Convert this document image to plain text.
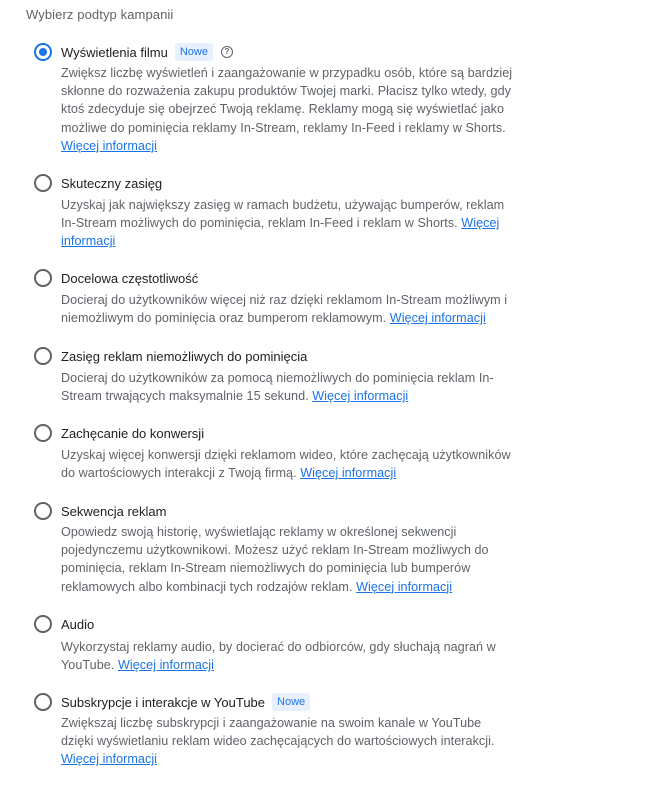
Wybierz podtyp kampanii
Wyświetlenia filmu	Nowe	?
Zwiększ liczbę wyświetleń i zaangażowanie w przypadku osób, które są bardziej skłonne do rozważenia zakupu produktów Twojej marki. Płacisz tylko wtedy, gdy ktoś zdecyduje się obejrzeć Twoją reklamę. Reklamy mogą się wyświetlać jako możliwe do pominięcia reklamy In-Stream, reklamy In-Feed i reklamy w Shorts. Więcej informacji
Skuteczny zasięg
Uzyskaj jak największy zasięg w ramach budżetu, używając bumperów, reklam In-Stream możliwych do pominięcia, reklam In-Feed i reklam w Shorts. Więcej informacji
Docelowa częstotliwość
Docieraj do użytkowników więcej niż raz dzięki reklamom In-Stream możliwym i niemożliwym do pominięcia oraz bumperom reklamowym. Więcej informacji
Zasięg reklam niemożliwych do pominięcia
Docieraj do użytkowników za pomocą niemożliwych do pominięcia reklam In-Stream trwających maksymalnie 15 sekund. Więcej informacji
Zachęcanie do konwersji
Uzyskaj więcej konwersji dzięki reklamom wideo, które zachęcają użytkowników do wartościowych interakcji z Twoją firmą. Więcej informacji
Sekwencja reklam
Opowiedz swoją historię, wyświetlając reklamy w określonej sekwencji pojedynczemu użytkownikowi. Możesz użyć reklam In-Stream możliwych do pominięcia, reklam In-Stream niemożliwych do pominięcia lub bumperów reklamowych albo kombinacji tych rodzajów reklam. Więcej informacji
Audio
Wykorzystaj reklamy audio, by docierać do odbiorców, gdy słuchają nagrań w YouTube. Więcej informacji
Subskrypcje i interakcje w YouTube	Nowe
Zwiększaj liczbę subskrypcji i zaangażowanie na swoim kanale w YouTube dzięki wyświetlaniu reklam wideo zachęcających do wartościowych interakcji. Więcej informacji
